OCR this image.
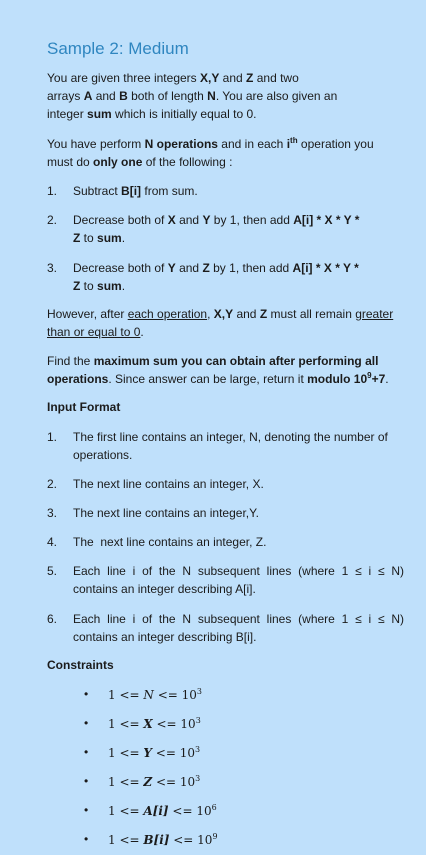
Sample 2: Medium

You are given three integers X,Y and Z and two
arrays A and B both of length N. You are also given an
integer sum which is initially equal to 0.

You have perform N operations and in each $i^{th}$ operation you
must do only one of the following :

1.	Subtract B[i] from sum.
2.	Decrease both of X and Y by 1, then add A[i] * X * Y *
Z to sum.
3.	Decrease both of Y and Z by 1, then add A[i] * X * Y *
Z to sum.

However, after each operation, X,Y and Z must all remain greater
than or equal to 0.

Find the maximum sum you can obtain after performing all
operations. Since answer can be large, return it modulo $10^9+7$.

Input Format
1.	The first line contains an integer, N, denoting the number of operations.
2.	The next line contains an integer, X.
3.	The next line contains an integer,Y.
4.	The  next line contains an integer, Z.
5.	Each line i of the N subsequent lines (where 1 ≤ i ≤ N)
contains an integer describing A[i].
6.	Each line i of the N subsequent lines (where 1 ≤ i ≤ N)
contains an integer describing B[i].
Constraints
• $1 <= N <= 10^3$
• $1 <= X <= 10^3$
• $1 <= Y <= 10^3$
• $1 <= Z <= 10^3$
• $1 <= A[i] <= 10^6$
• $1 <= B[i] <= 10^9$
